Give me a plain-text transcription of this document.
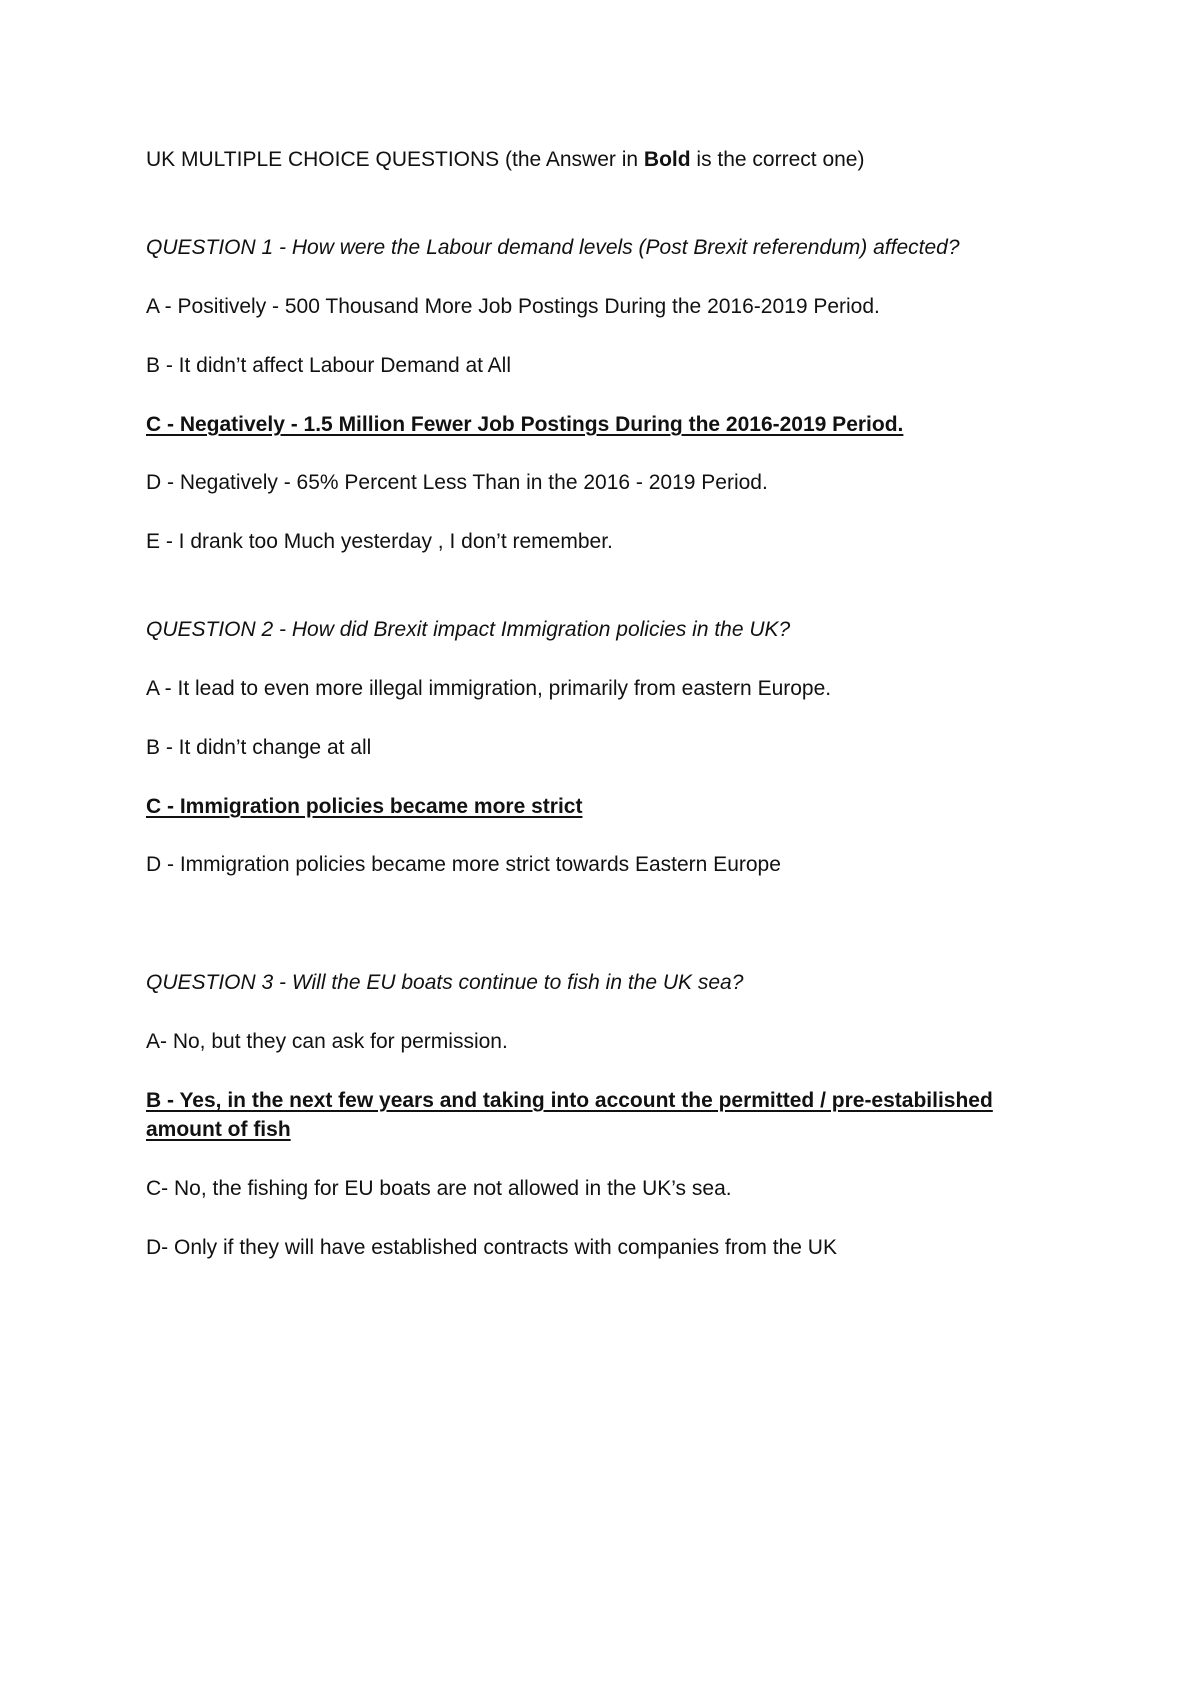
UK MULTIPLE CHOICE QUESTIONS (the Answer in Bold is the correct one)
QUESTION 1 - How were the Labour demand levels (Post Brexit referendum) affected?
A - Positively - 500 Thousand More Job Postings During the 2016-2019 Period.
B - It didn’t affect Labour Demand at All
C - Negatively - 1.5 Million Fewer Job Postings During the 2016-2019 Period.
D - Negatively - 65% Percent Less Than in the 2016 - 2019 Period.
E - I drank too Much yesterday , I don’t remember.
QUESTION 2 - How did Brexit impact Immigration policies in the UK?
A - It lead to even more illegal immigration, primarily from eastern Europe.
B - It didn’t change at all
C - Immigration policies became more strict
D - Immigration policies became more strict towards Eastern Europe
QUESTION 3 - Will the EU boats continue to fish in the UK sea?
A- No, but they can ask for permission.
B - Yes, in the next few years and taking into account the permitted / pre-estabilished amount of fish
C- No, the fishing for EU boats are not allowed in the UK’s sea.
D- Only if they will have established contracts with companies from the UK
